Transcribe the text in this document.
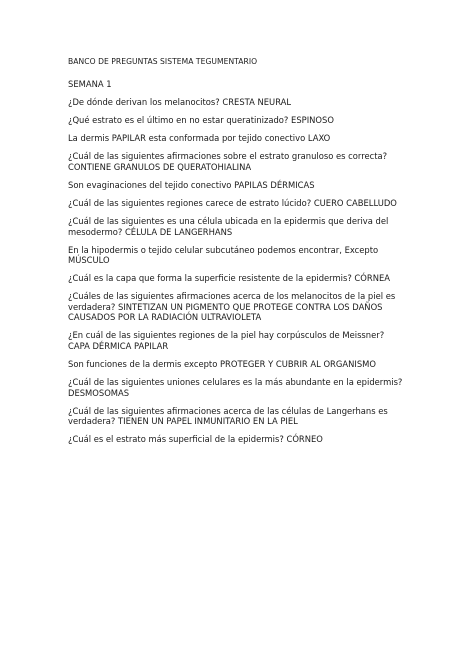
BANCO DE PREGUNTAS SISTEMA TEGUMENTARIO
SEMANA 1
¿De dónde derivan los melanocitos? CRESTA NEURAL
¿Qué estrato es el último en no estar queratinizado? ESPINOSO
La dermis PAPILAR esta conformada por tejido conectivo LAXO
¿Cuál de las siguientes afirmaciones sobre el estrato granuloso es correcta?
CONTIENE GRANULOS DE QUERATOHIALINA
Son evaginaciones del tejido conectivo PAPILAS DÉRMICAS
¿Cuál de las siguientes regiones carece de estrato lúcido? CUERO CABELLUDO
¿Cuál de las siguientes es una célula ubicada en la epidermis que deriva del
mesodermo? CÉLULA DE LANGERHANS
En la hipodermis o tejido celular subcutáneo podemos encontrar, Excepto
MÚSCULO
¿Cuál es la capa que forma la superficie resistente de la epidermis? CÓRNEA
¿Cuáles de las siguientes afirmaciones acerca de los melanocitos de la piel es
verdadera? SINTETIZAN UN PIGMENTO QUE PROTEGE CONTRA LOS DAÑOS
CAUSADOS POR LA RADIACIÓN ULTRAVIOLETA
¿En cuál de las siguientes regiones de la piel hay corpúsculos de Meissner?
CAPA DÉRMICA PAPILAR
Son funciones de la dermis excepto PROTEGER Y CUBRIR AL ORGANISMO
¿Cuál de las siguientes uniones celulares es la más abundante en la epidermis?
DESMOSOMAS
¿Cuál de las siguientes afirmaciones acerca de las células de Langerhans es
verdadera? TIENEN UN PAPEL INMUNITARIO EN LA PIEL
¿Cuál es el estrato más superficial de la epidermis? CÓRNEO
